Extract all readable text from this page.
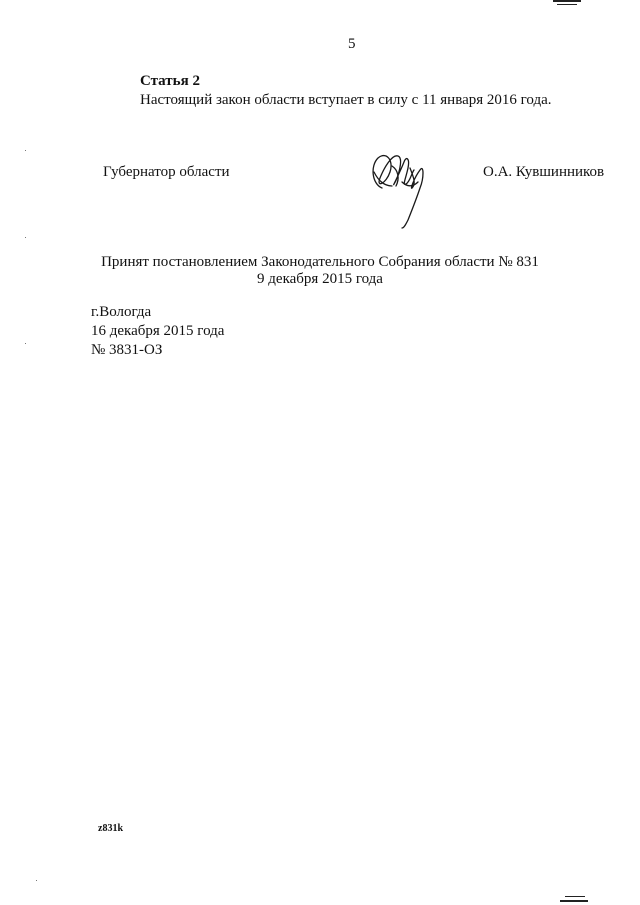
5
Статья 2
Настоящий закон области вступает в силу с 11 января 2016 года.
Губернатор области	О.А. Кувшинников
Принят постановлением Законодательного Собрания области № 831
9 декабря 2015 года
г.Вологда
16 декабря 2015 года
№ 3831-ОЗ
z831k
